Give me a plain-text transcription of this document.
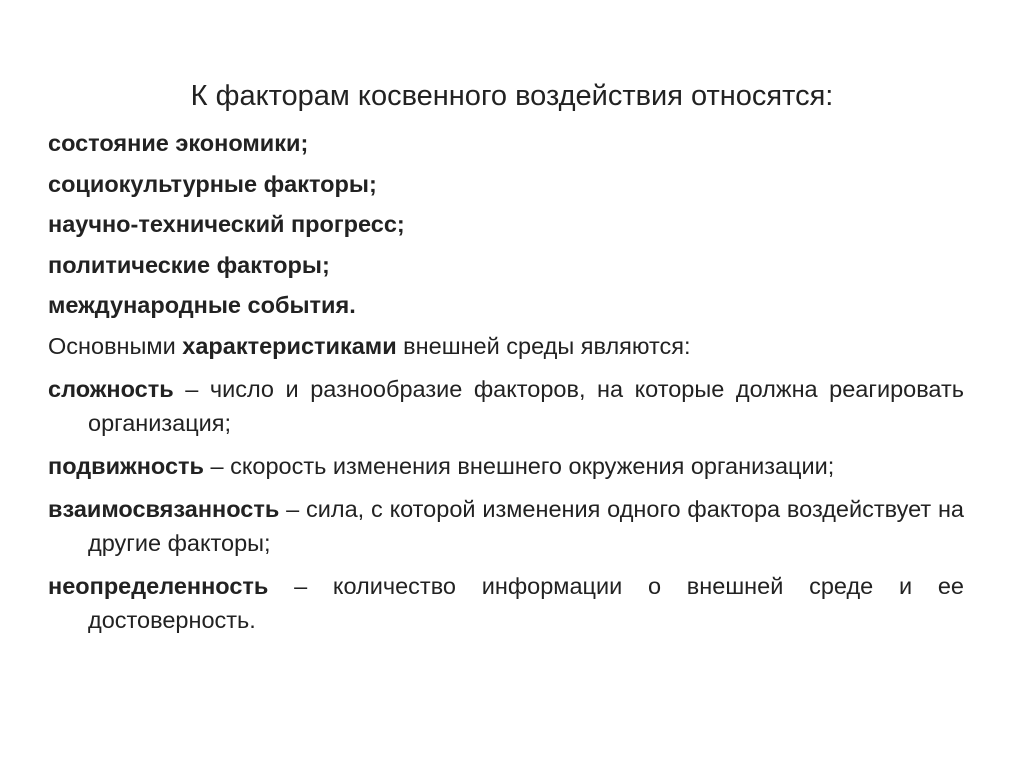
К факторам косвенного воздействия относятся:
состояние экономики;
социокультурные факторы;
научно-технический прогресс;
политические факторы;
международные события.
Основными характеристиками внешней среды являются:
сложность – число и разнообразие факторов, на которые должна реагировать организация;
подвижность – скорость изменения внешнего окружения организации;
взаимосвязанность – сила, с которой изменения одного фактора воздействует на другие факторы;
неопределенность – количество информации о внешней среде и ее достоверность.
